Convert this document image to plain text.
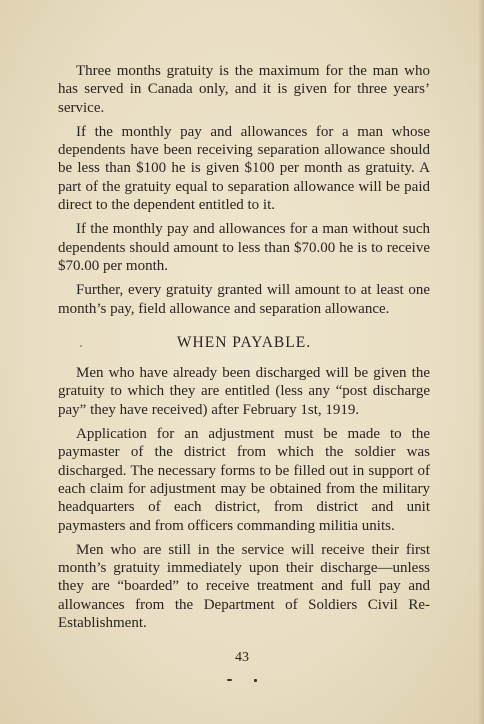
Three months gratuity is the maximum for the man who has served in Canada only, and it is given for three years’ service.

If the monthly pay and allowances for a man whose dependents have been receiving separation allowance should be less than $100 he is given $100 per month as gratuity. A part of the gratuity equal to separation allowance will be paid direct to the dependent entitled to it.

If the monthly pay and allowances for a man without such dependents should amount to less than $70.00 he is to receive $70.00 per month.

Further, every gratuity granted will amount to at least one month’s pay, field allowance and separation allowance.

WHEN PAYABLE.

Men who have already been discharged will be given the gratuity to which they are entitled (less any “post discharge pay” they have received) after February 1st, 1919.

Application for an adjustment must be made to the paymaster of the district from which the soldier was discharged. The necessary forms to be filled out in support of each claim for adjustment may be obtained from the military headquarters of each district, from district and unit paymasters and from officers commanding militia units.

Men who are still in the service will receive their first month’s gratuity immediately upon their discharge—unless they are “boarded” to receive treatment and full pay and allowances from the Department of Soldiers Civil Re-Establishment.

43
